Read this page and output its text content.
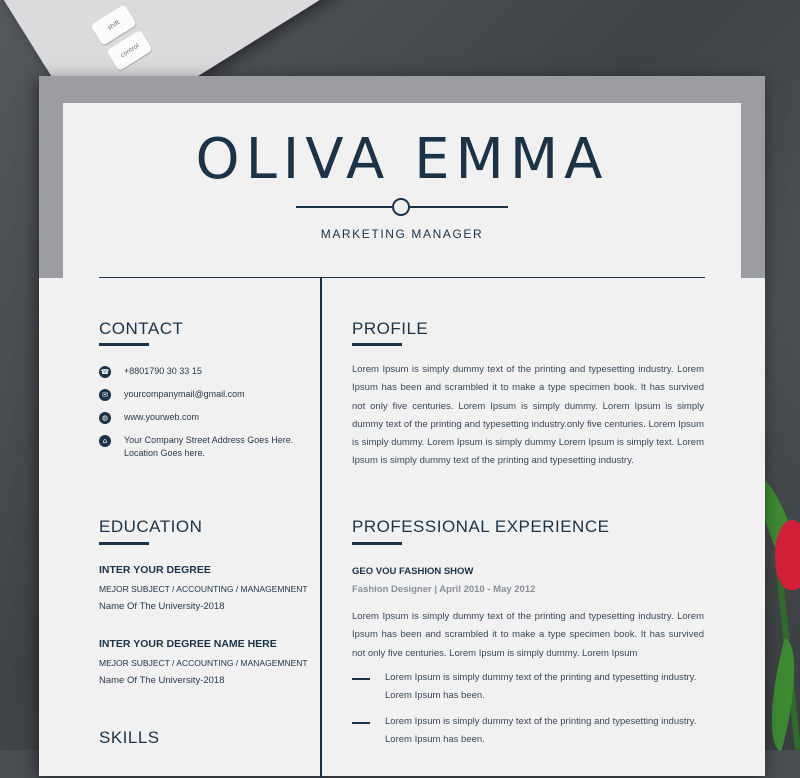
shift
control
OLIVA EMMA
MARKETING MANAGER
CONTACT
☎ +8801790 30 33 15
✉	yourcompanymail@gmail.com
◍	www.yourweb.com
⌂	Your Company Street Address Goes Here.
Location Goes here.
EDUCATION
INTER YOUR DEGREE
MEJOR SUBJECT / ACCOUNTING / MANAGEMNENT
Name Of The University-2018
INTER YOUR DEGREE NAME HERE
MEJOR SUBJECT / ACCOUNTING / MANAGEMNENT
Name Of The University-2018
SKILLS
PROFILE
Lorem Ipsum is simply dummy text of the printing and typesetting industry. Lorem Ipsum has been and scrambled it to make a type specimen book. It has survived not only five centuries. Lorem Ipsum is simply dummy. Lorem Ipsum is simply dummy text of the printing and typesetting industry.only five centuries. Lorem Ipsum is simply dummy. Lorem Ipsum is simply dummy Lorem Ipsum is simply text. Lorem Ipsum is simply dummy text of the printing and typesetting industry.
PROFESSIONAL EXPERIENCE
GEO VOU FASHION SHOW
Fashion Designer | April 2010 - May 2012
Lorem Ipsum is simply dummy text of the printing and typesetting industry. Lorem Ipsum has been and scrambled it to make a type specimen book. It has survived not only five centuries. Lorem Ipsum is simply dummy. Lorem Ipsum
Lorem Ipsum is simply dummy text of the printing and typesetting industry. Lorem Ipsum has been.
Lorem Ipsum is simply dummy text of the printing and typesetting industry. Lorem Ipsum has been.
